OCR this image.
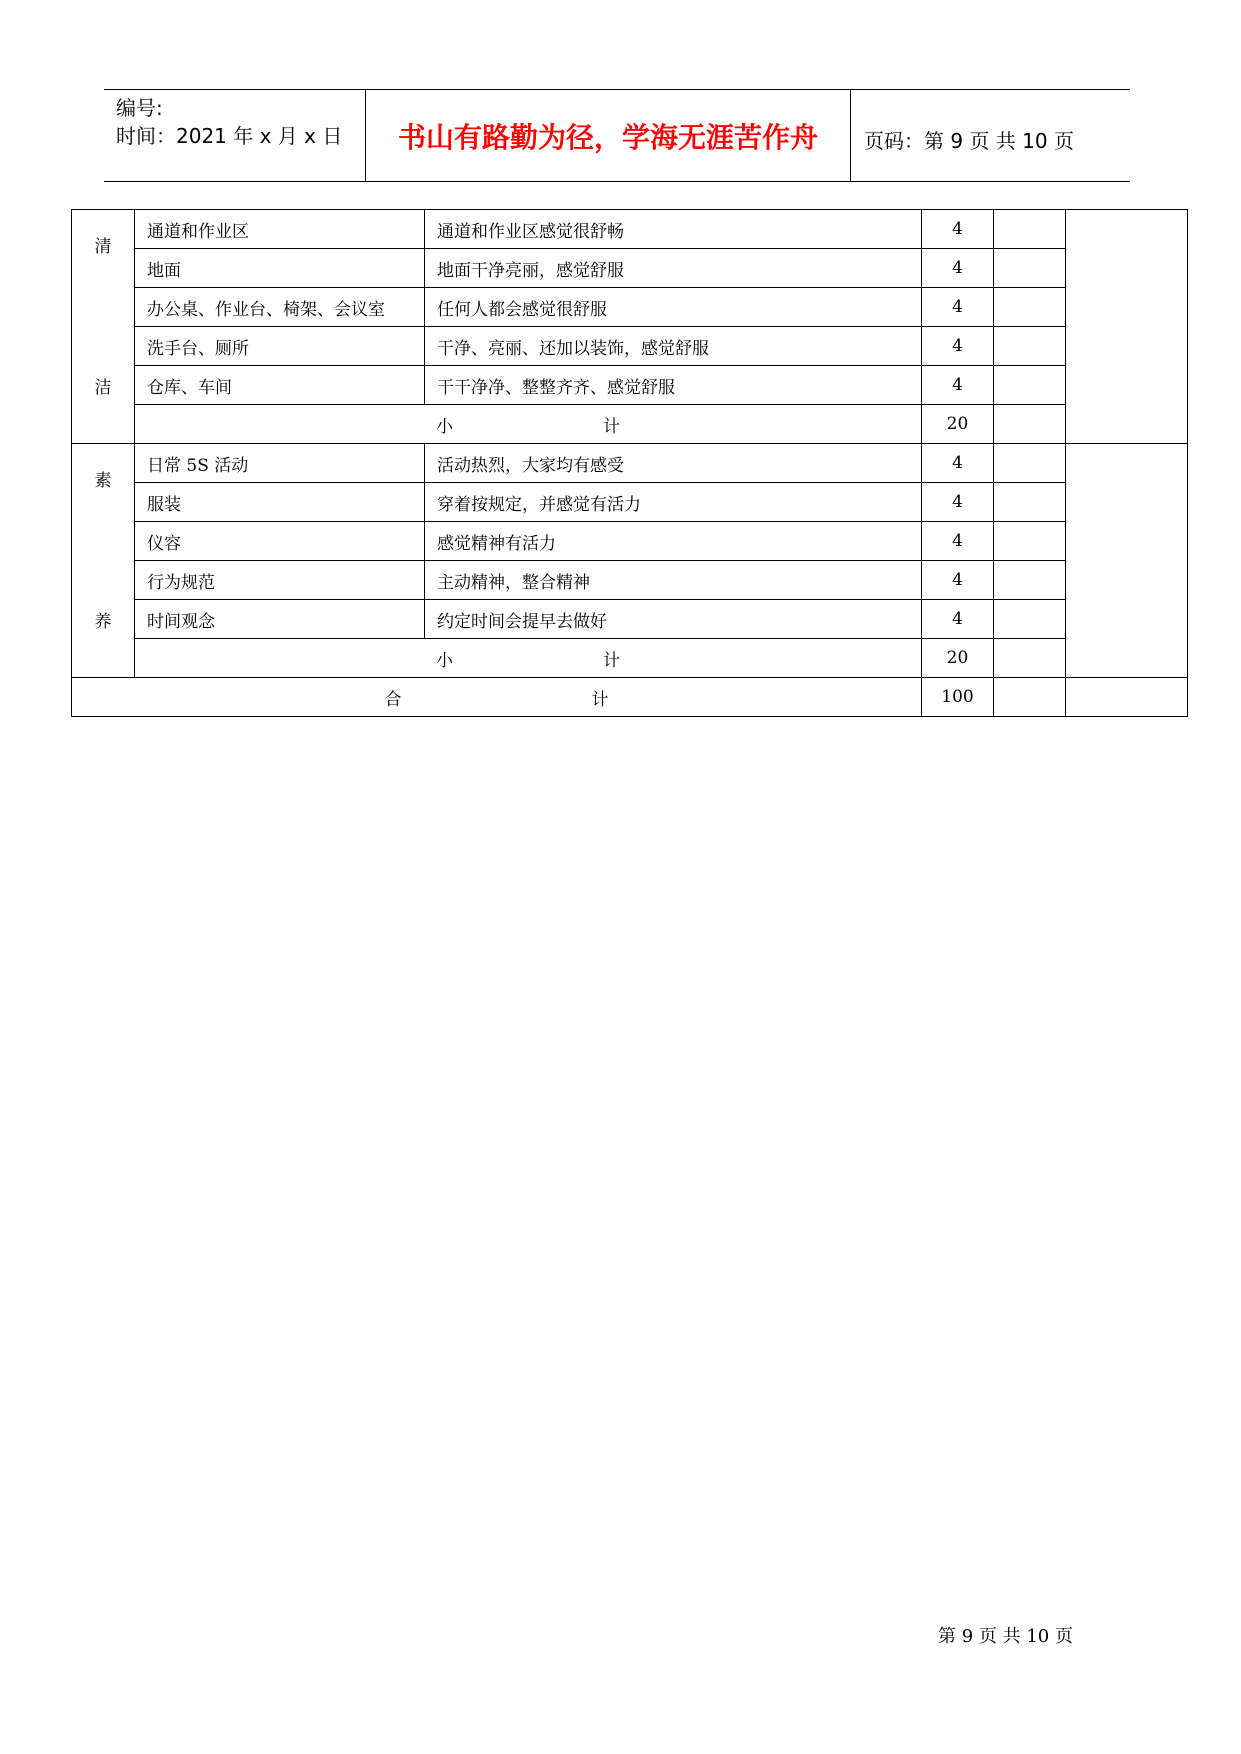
编号:
时间：2021 年 x 月 x 日	书山有路勤为径，学海无涯苦作舟	页码：第 9 页 共 10 页
清
洁	通道和作业区	通道和作业区感觉很舒畅	4		
	地面	地面干净亮丽，感觉舒服	4		
	办公桌、作业台、椅架、会议室	任何人都会感觉很舒服	4		
	洗手台、厕所	干净、亮丽、还加以装饰，感觉舒服	4		
	仓库、车间	干干净净、整整齐齐、感觉舒服	4		
	小 计		20		

素
养	日常 5S 活动	活动热烈，大家均有感受	4		
	服装	穿着按规定，并感觉有活力	4		
	仪容	感觉精神有活力	4		
	行为规范	主动精神，整合精神	4		
	时间观念	约定时间会提早去做好	4		
	小 计		20		
合 计			100		
第 9 页 共 10 页
